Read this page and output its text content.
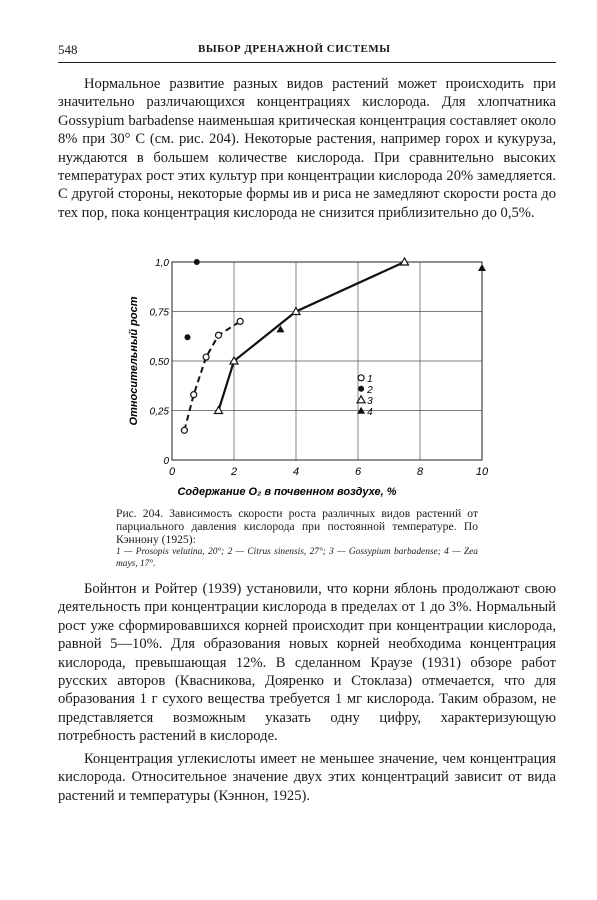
548	ВЫБОР ДРЕНАЖНОЙ СИСТЕМЫ

Нормальное развитие разных видов растений может происходить при значительно различающихся концентрациях кислорода. Для хлопчатника Gossypium barbadense наименьшая критическая концентрация составляет около 8% при 30° C (см. рис. 204). Некоторые растения, например горох и кукуруза, нуждаются в большем количестве кислорода. При сравнительно высоких температурах рост этих культур при концентрации кислорода 20% замедляется. С другой стороны, некоторые формы ив и риса не замедляют скорости роста до тех пор, пока концентрация кислорода не снизится приблизительно до 0,5%.

0	2	4	6	8	10
0
0,25
0,50
0,75
1,0
Содержание O₂ в почвенном воздухе, %
Относительный рост	1
2
3
4
Рис. 204. Зависимость скорости роста различных видов растений от парциального давления кислорода при постоянной температуре. По Кэннону (1925):
1 — Prosopis velutina, 20°; 2 — Citrus sinensis, 27°; 3 — Gossypium barbadense; 4 — Zea mays, 17°.

Бойнтон и Ройтер (1939) установили, что корни яблонь продолжают свою деятельность при концентрации кислорода в пределах от 1 до 3%. Нормальный рост уже сформировавшихся корней происходит при концентрации кислорода, равной 5—10%. Для образования новых корней необходима концентрация кислорода, превышающая 12%. В сделанном Краузе (1931) обзоре работ русских авторов (Квасникова, Дояренко и Стоклаза) отмечается, что для образования 1 г сухого вещества требуется 1 мг кислорода. Таким образом, не представляется возможным указать одну цифру, характеризующую потребность растений в кислороде.

Концентрация углекислоты имеет не меньшее значение, чем концентрация кислорода. Относительное значение двух этих концентраций зависит от вида растений и температуры (Кэннон, 1925).
